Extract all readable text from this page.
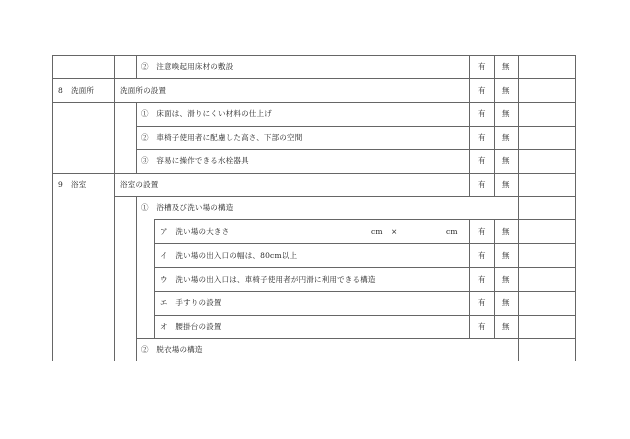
②　注意喚起用床材の敷設	有 無
8 洗面所	洗面所の設置	有 無
①　床面は、滑りにくい材料の仕上げ	有 無
②　車椅子使用者に配慮した高さ、下部の空間	有 無
③　容易に操作できる水栓器具	有 無
9 浴室	浴室の設置	有 無
①　浴槽及び洗い場の構造
ア　洗い場の大きさ	cm ×	cm	有 無
イ　洗い場の出入口の幅は、80cm以上	有 無
ウ　洗い場の出入口は、車椅子使用者が円滑に利用できる構造	有 無
エ　手すりの設置	有 無
オ　腰掛台の設置	有 無
②　脱衣場の構造
